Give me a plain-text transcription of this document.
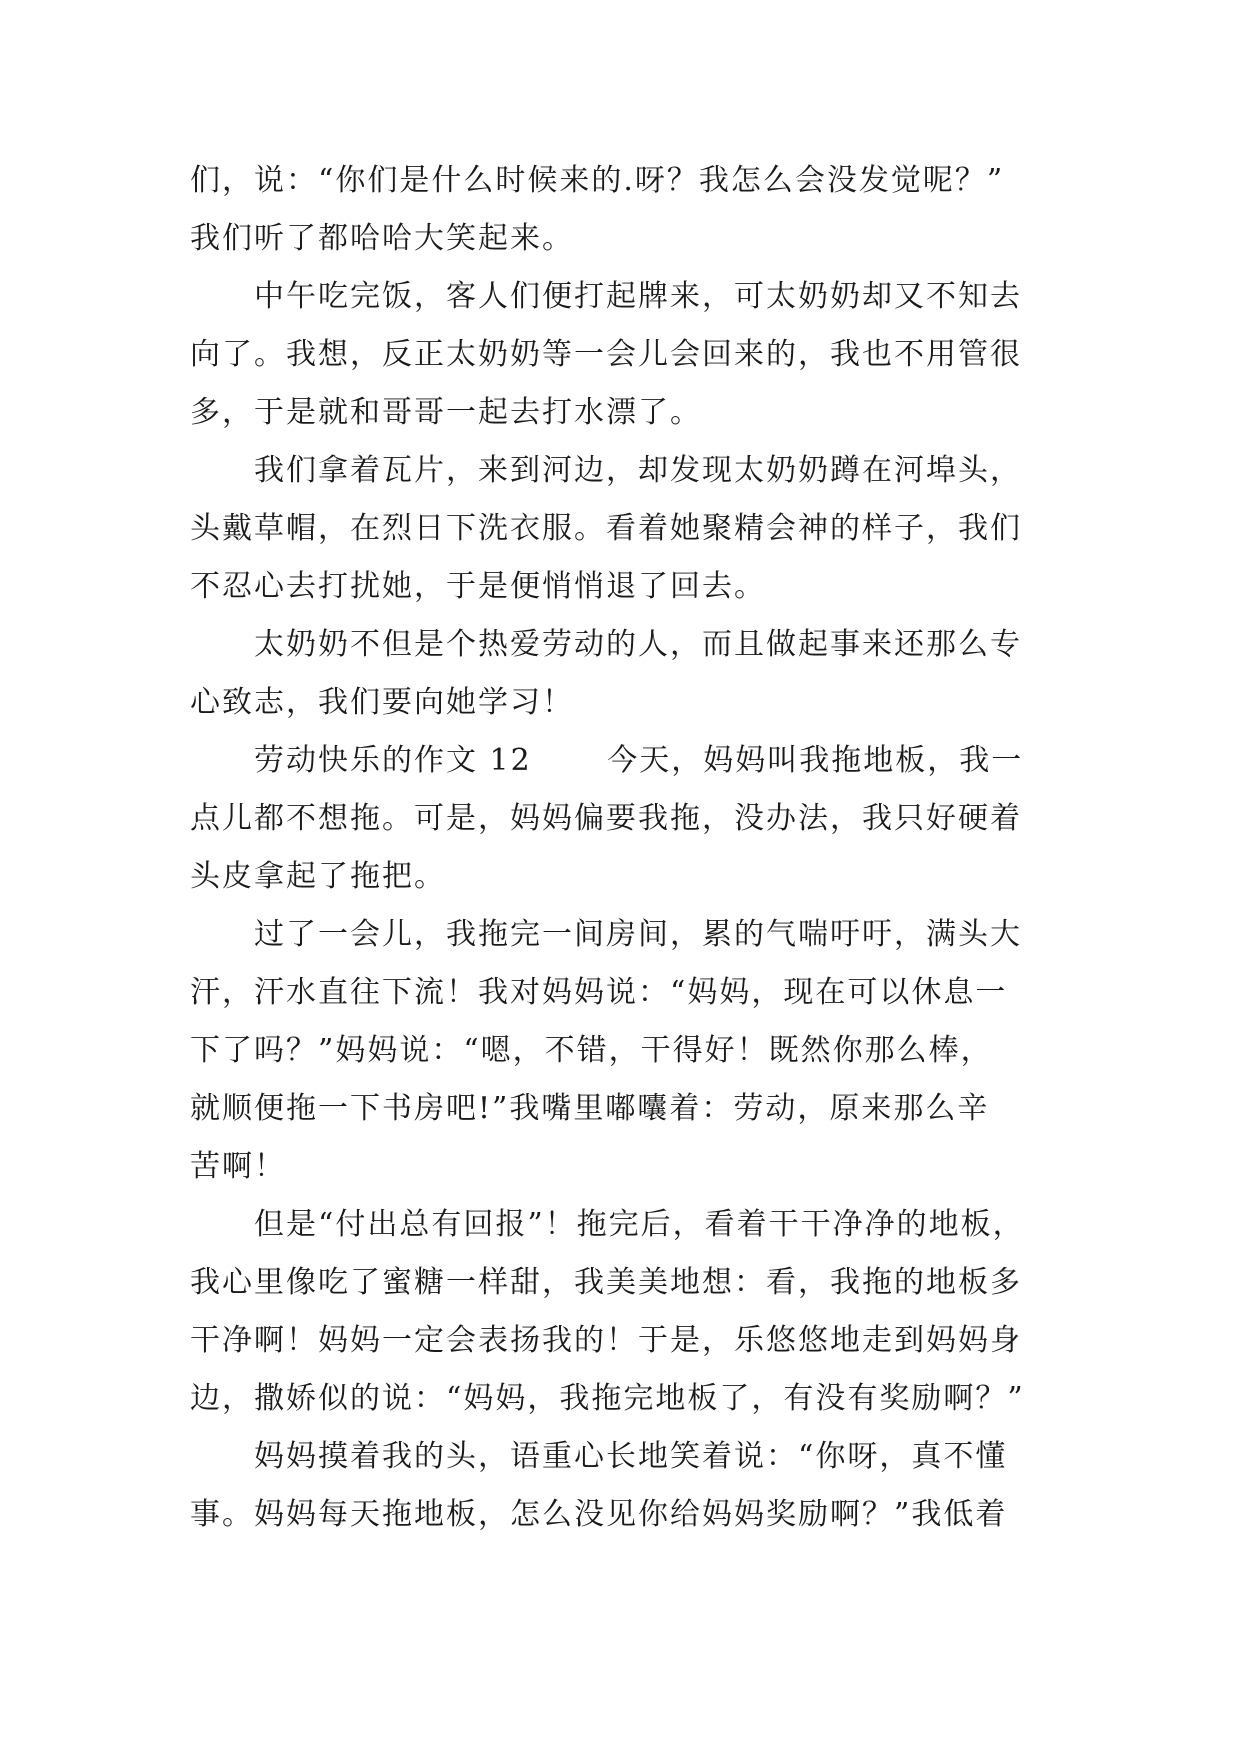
们，说：“你们是什么时候来的.呀？我怎么会没发觉呢？”
我们听了都哈哈大笑起来。
　　中午吃完饭，客人们便打起牌来，可太奶奶却又不知去
向了。我想，反正太奶奶等一会儿会回来的，我也不用管很
多，于是就和哥哥一起去打水漂了。
　　我们拿着瓦片，来到河边，却发现太奶奶蹲在河埠头，
头戴草帽，在烈日下洗衣服。看着她聚精会神的样子，我们
不忍心去打扰她，于是便悄悄退了回去。
　　太奶奶不但是个热爱劳动的人，而且做起事来还那么专
心致志，我们要向她学习！
　　劳动快乐的作文 12　　 今天，妈妈叫我拖地板，我一
点儿都不想拖。可是，妈妈偏要我拖，没办法，我只好硬着
头皮拿起了拖把。
　　过了一会儿，我拖完一间房间，累的气喘吁吁，满头大
汗，汗水直往下流！我对妈妈说：“妈妈，现在可以休息一
下了吗？”妈妈说：“嗯，不错，干得好！既然你那么棒，
就顺便拖一下书房吧!”我嘴里嘟囔着：劳动，原来那么辛
苦啊！
　　但是“付出总有回报”！拖完后，看着干干净净的地板，
我心里像吃了蜜糖一样甜，我美美地想：看，我拖的地板多
干净啊！妈妈一定会表扬我的！于是，乐悠悠地走到妈妈身
边，撒娇似的说：“妈妈，我拖完地板了，有没有奖励啊？”
　　妈妈摸着我的头，语重心长地笑着说：“你呀，真不懂
事。妈妈每天拖地板，怎么没见你给妈妈奖励啊？”我低着
